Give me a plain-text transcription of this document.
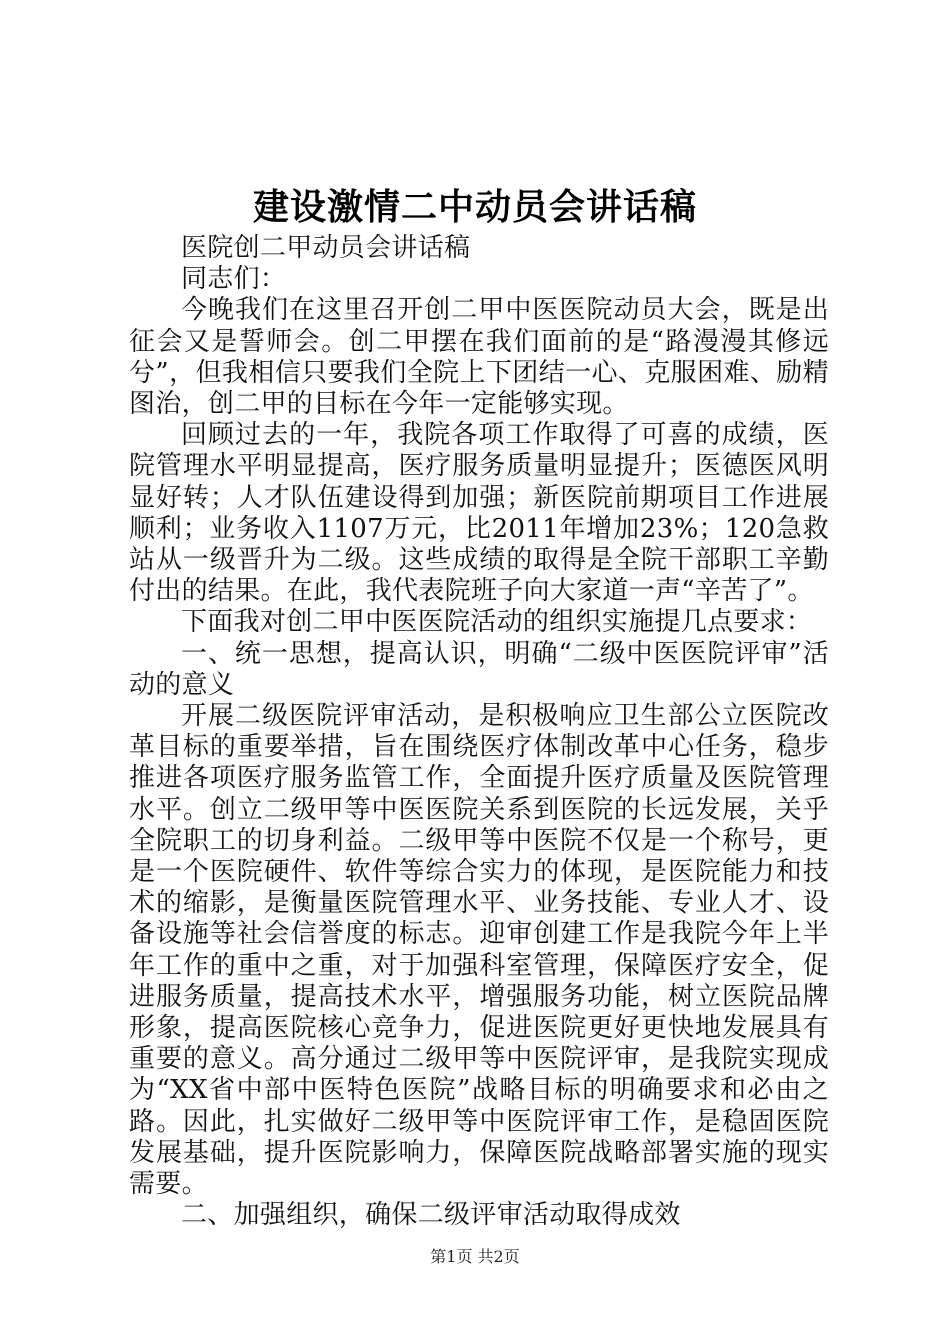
建设激情二中动员会讲话稿

医院创二甲动员会讲话稿

同志们：

今晚我们在这里召开创二甲中医医院动员大会，既是出征会又是誓师会。创二甲摆在我们面前的是“路漫漫其修远兮”，但我相信只要我们全院上下团结一心、克服困难、励精图治，创二甲的目标在今年一定能够实现。

回顾过去的一年，我院各项工作取得了可喜的成绩，医院管理水平明显提高，医疗服务质量明显提升；医德医风明显好转；人才队伍建设得到加强；新医院前期项目工作进展顺利；业务收入1107万元，比2011年增加23%；120急救站从一级晋升为二级。这些成绩的取得是全院干部职工辛勤付出的结果。在此，我代表院班子向大家道一声“辛苦了”。

下面我对创二甲中医医院活动的组织实施提几点要求：

一、统一思想，提高认识，明确“二级中医医院评审”活动的意义

开展二级医院评审活动，是积极响应卫生部公立医院改革目标的重要举措，旨在围绕医疗体制改革中心任务，稳步推进各项医疗服务监管工作，全面提升医疗质量及医院管理水平。创立二级甲等中医医院关系到医院的长远发展，关乎全院职工的切身利益。二级甲等中医院不仅是一个称号，更是一个医院硬件、软件等综合实力的体现，是医院能力和技术的缩影，是衡量医院管理水平、业务技能、专业人才、设备设施等社会信誉度的标志。迎审创建工作是我院今年上半年工作的重中之重，对于加强科室管理，保障医疗安全，促进服务质量，提高技术水平，增强服务功能，树立医院品牌形象，提高医院核心竞争力，促进医院更好更快地发展具有重要的意义。高分通过二级甲等中医院评审，是我院实现成为“XX省中部中医特色医院”战略目标的明确要求和必由之路。因此，扎实做好二级甲等中医院评审工作，是稳固医院发展基础，提升医院影响力，保障医院战略部署实施的现实需要。

二、加强组织，确保二级评审活动取得成效

第1页 共2页
